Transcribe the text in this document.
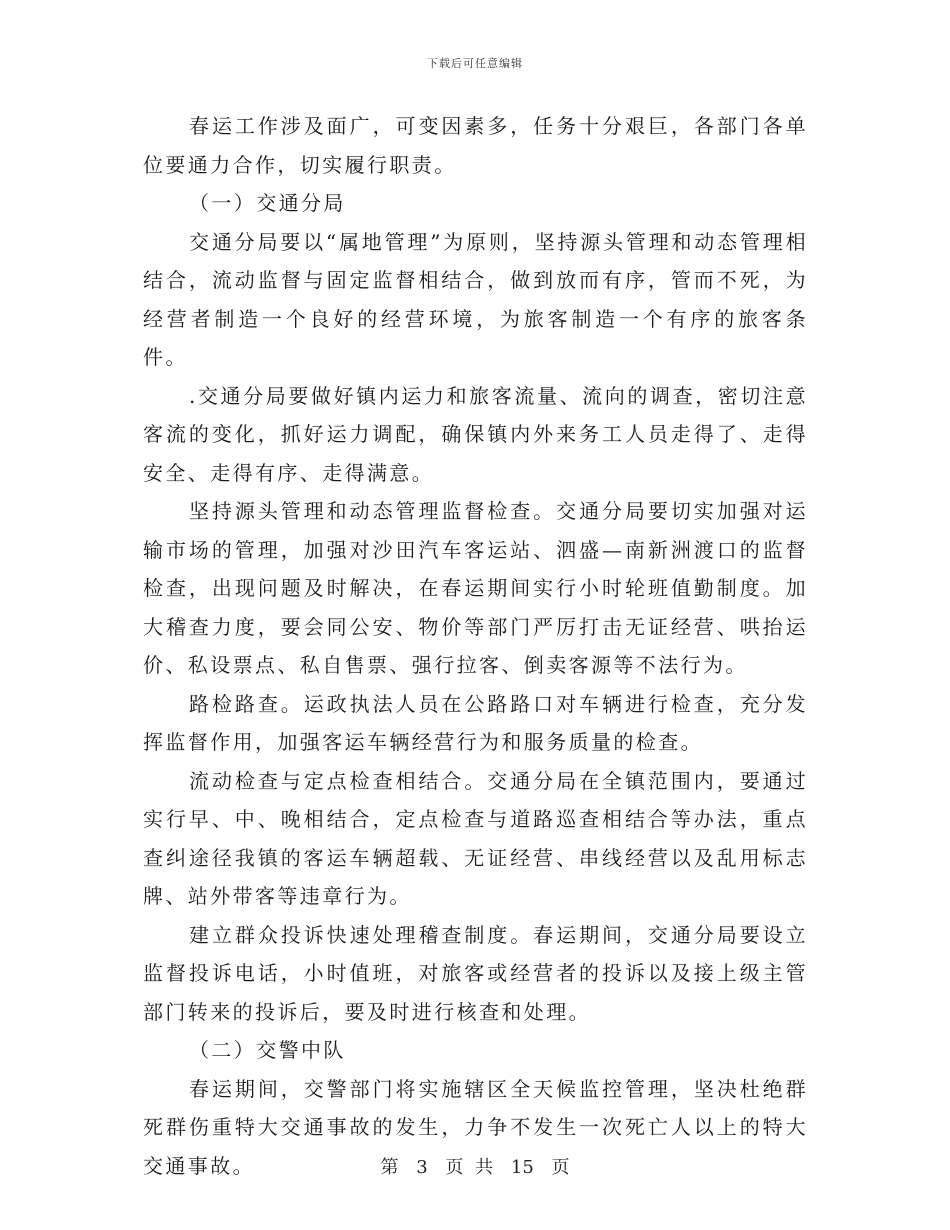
下载后可任意编辑

春运工作涉及面广，可变因素多，任务十分艰巨，各部门各单位要通力合作，切实履行职责。

（一）交通分局

交通分局要以“属地管理”为原则，坚持源头管理和动态管理相结合，流动监督与固定监督相结合，做到放而有序，管而不死，为经营者制造一个良好的经营环境，为旅客制造一个有序的旅客条件。

.交通分局要做好镇内运力和旅客流量、流向的调查，密切注意客流的变化，抓好运力调配，确保镇内外来务工人员走得了、走得安全、走得有序、走得满意。

坚持源头管理和动态管理监督检查。交通分局要切实加强对运输市场的管理，加强对沙田汽车客运站、泗盛—南新洲渡口的监督检查，出现问题及时解决，在春运期间实行小时轮班值勤制度。加大稽查力度，要会同公安、物价等部门严厉打击无证经营、哄抬运价、私设票点、私自售票、强行拉客、倒卖客源等不法行为。

路检路查。运政执法人员在公路路口对车辆进行检查，充分发挥监督作用，加强客运车辆经营行为和服务质量的检查。

流动检查与定点检查相结合。交通分局在全镇范围内，要通过实行早、中、晚相结合，定点检查与道路巡查相结合等办法，重点查纠途径我镇的客运车辆超载、无证经营、串线经营以及乱用标志牌、站外带客等违章行为。

建立群众投诉快速处理稽查制度。春运期间，交通分局要设立监督投诉电话，小时值班，对旅客或经营者的投诉以及接上级主管部门转来的投诉后，要及时进行核查和处理。

（二）交警中队

春运期间，交警部门将实施辖区全天候监控管理，坚决杜绝群死群伤重特大交通事故的发生，力争不发生一次死亡人以上的特大交通事故。	第 3 页 共 15 页
